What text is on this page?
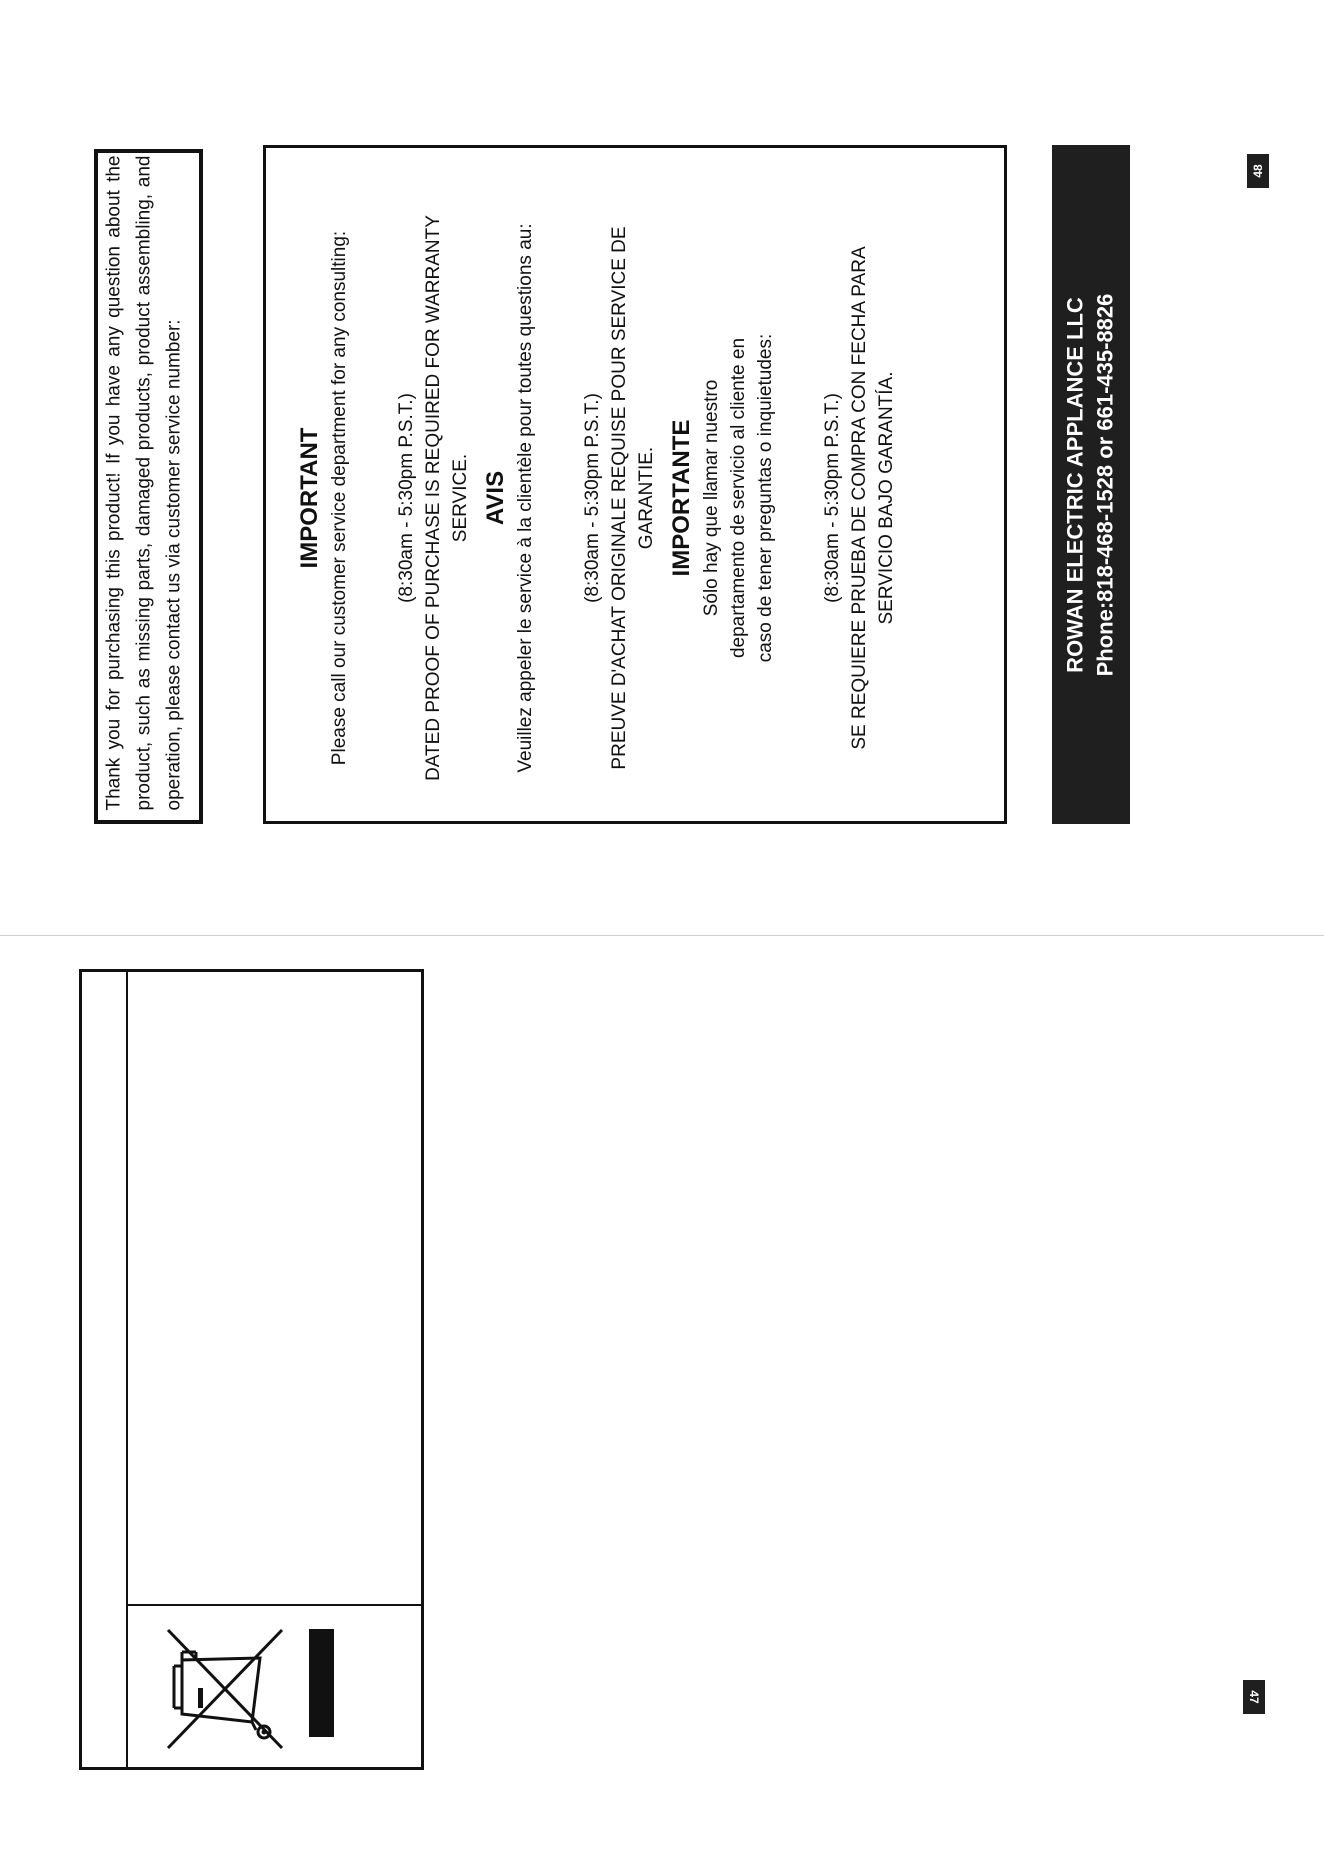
Thank you for purchasing this product! If you have any question about the product, such as missing parts, damaged products, product assembling, and operation, please contact us via customer service number:	IMPORTANT Please call our customer service department for any consulting: (8:30am - 5:30pm P.S.T.) DATED PROOF OF PURCHASE IS REQUIRED FOR WARRANTY SERVICE. AVIS Veuillez appeler le service à la clientèle pour toutes questions au: (8:30am - 5:30pm P.S.T.) PREUVE D'ACHAT ORIGINALE REQUISE POUR SERVICE DE GARANTIE. IMPORTANTE Sólo hay que llamar nuestro departamento de servicio al cliente en caso de tener preguntas o inquietudes: (8:30am - 5:30pm P.S.T.) SE REQUIERE PRUEBA DE COMPRA CON FECHA PARA SERVICIO BAJO GARANTÍA.	ROWAN ELECTRIC APPLANCE LLC Phone:818-468-1528 or 661-435-8826
48
47
